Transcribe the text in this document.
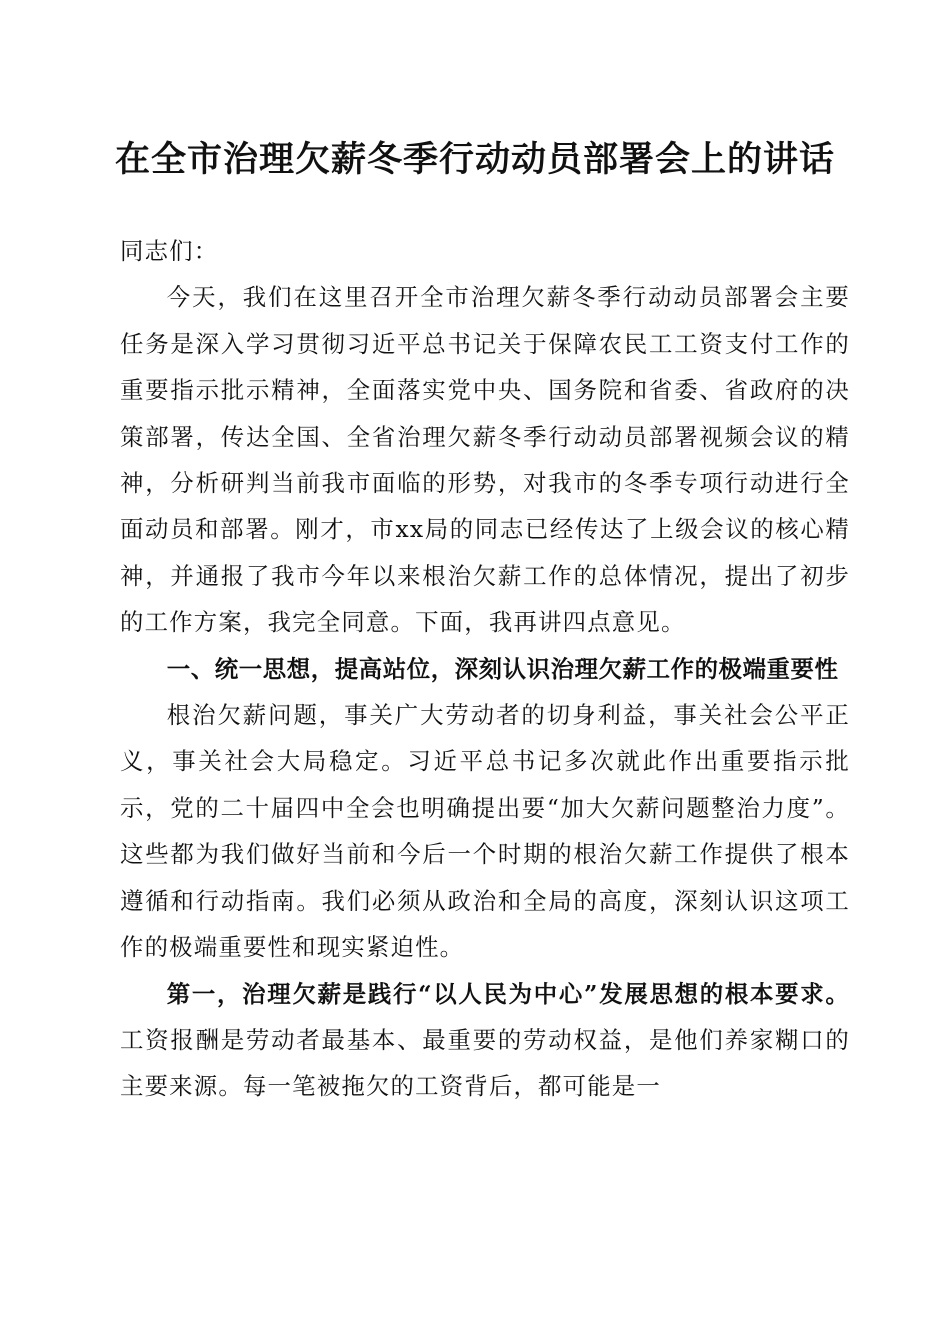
在全市治理欠薪冬季行动动员部署会上的讲话

同志们：

今天，我们在这里召开全市治理欠薪冬季行动动员部署会主要任务是深入学习贯彻习近平总书记关于保障农民工工资支付工作的重要指示批示精神，全面落实党中央、国务院和省委、省政府的决策部署，传达全国、全省治理欠薪冬季行动动员部署视频会议的精神，分析研判当前我市面临的形势，对我市的冬季专项行动进行全面动员和部署。刚才，市xx局的同志已经传达了上级会议的核心精神，并通报了我市今年以来根治欠薪工作的总体情况，提出了初步的工作方案，我完全同意。下面，我再讲四点意见。

一、统一思想，提高站位，深刻认识治理欠薪工作的极端重要性

根治欠薪问题，事关广大劳动者的切身利益，事关社会公平正义，事关社会大局稳定。习近平总书记多次就此作出重要指示批示，党的二十届四中全会也明确提出要“加大欠薪问题整治力度”。这些都为我们做好当前和今后一个时期的根治欠薪工作提供了根本遵循和行动指南。我们必须从政治和全局的高度，深刻认识这项工作的极端重要性和现实紧迫性。

第一，治理欠薪是践行“以人民为中心”发展思想的根本要求。工资报酬是劳动者最基本、最重要的劳动权益，是他们养家糊口的主要来源。每一笔被拖欠的工资背后，都可能是一
